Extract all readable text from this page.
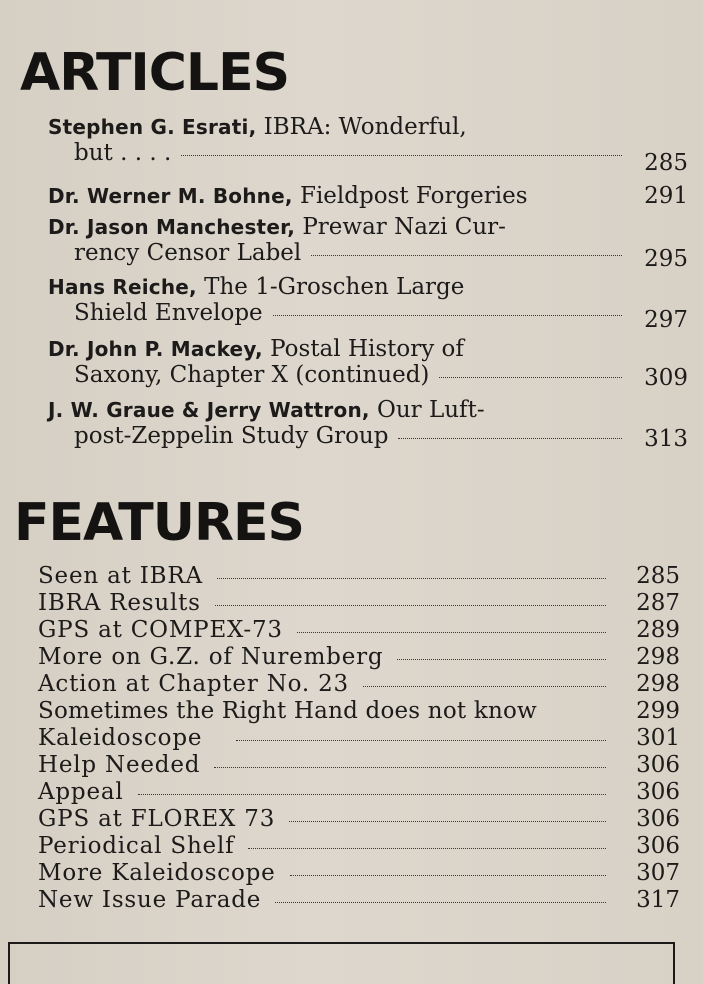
ARTICLES
Stephen G. Esrati, IBRA: Wonderful,
but . . . .	285
Dr. Werner M. Bohne, Fieldpost Forgeries	291
Dr. Jason Manchester, Prewar Nazi Cur-
rency Censor Label	295
Hans Reiche, The 1-Groschen Large
Shield Envelope	297
Dr. John P. Mackey, Postal History of
Saxony, Chapter X (continued)	309
J. W. Graue & Jerry Wattron, Our Luft-
post-Zeppelin Study Group	313
FEATURES
Seen at IBRA	285
IBRA Results	287
GPS at COMPEX-73	289
More on G.Z. of Nuremberg	298
Action at Chapter No. 23	298
Sometimes the Right Hand does not know	299
Kaleidoscope	301
Help Needed	306
Appeal	306
GPS at FLOREX 73	306
Periodical Shelf	306
More Kaleidoscope	307
New Issue Parade	317
